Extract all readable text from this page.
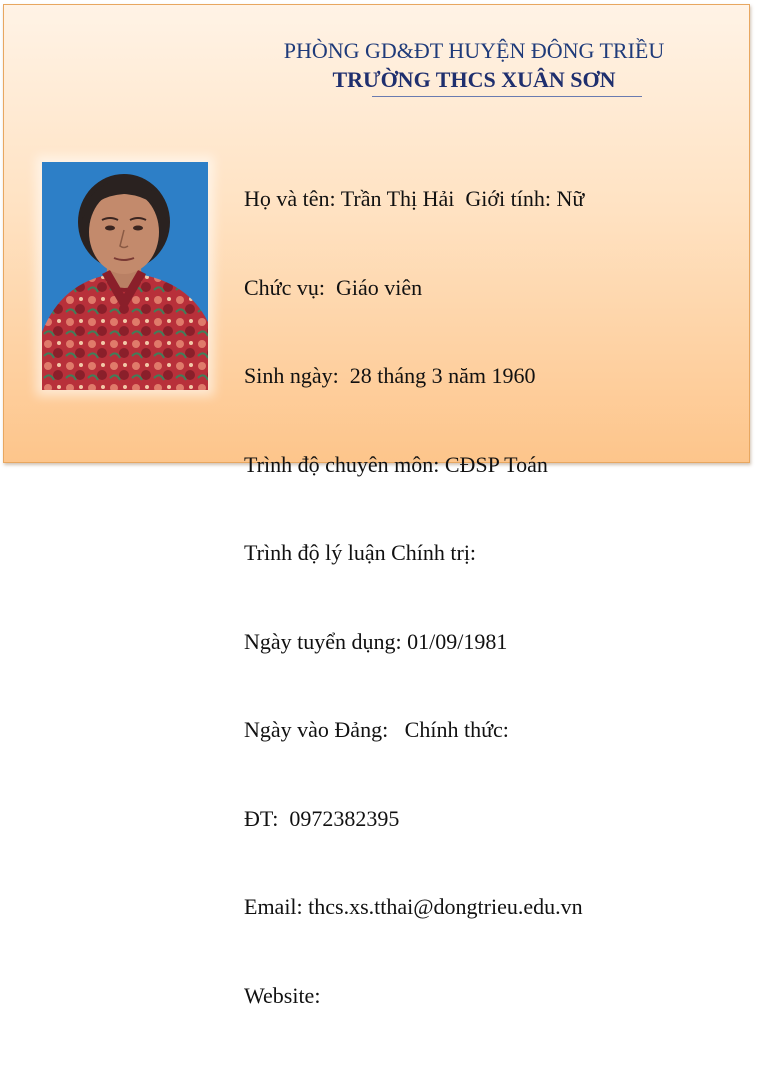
PHÒNG GD&ĐT HUYỆN ĐÔNG TRIỀU
TRƯỜNG THCS XUÂN SƠN

Họ và tên: Trần Thị Hải  Giới tính: Nữ

Chức vụ:  Giáo viên

Sinh ngày:  28 tháng 3 năm 1960

Trình độ chuyên môn: CĐSP Toán

Trình độ lý luận Chính trị:

Ngày tuyển dụng: 01/09/1981

Ngày vào Đảng:   Chính thức:

ĐT:  0972382395

Email: thcs.xs.tthai@dongtrieu.edu.vn

Website:
